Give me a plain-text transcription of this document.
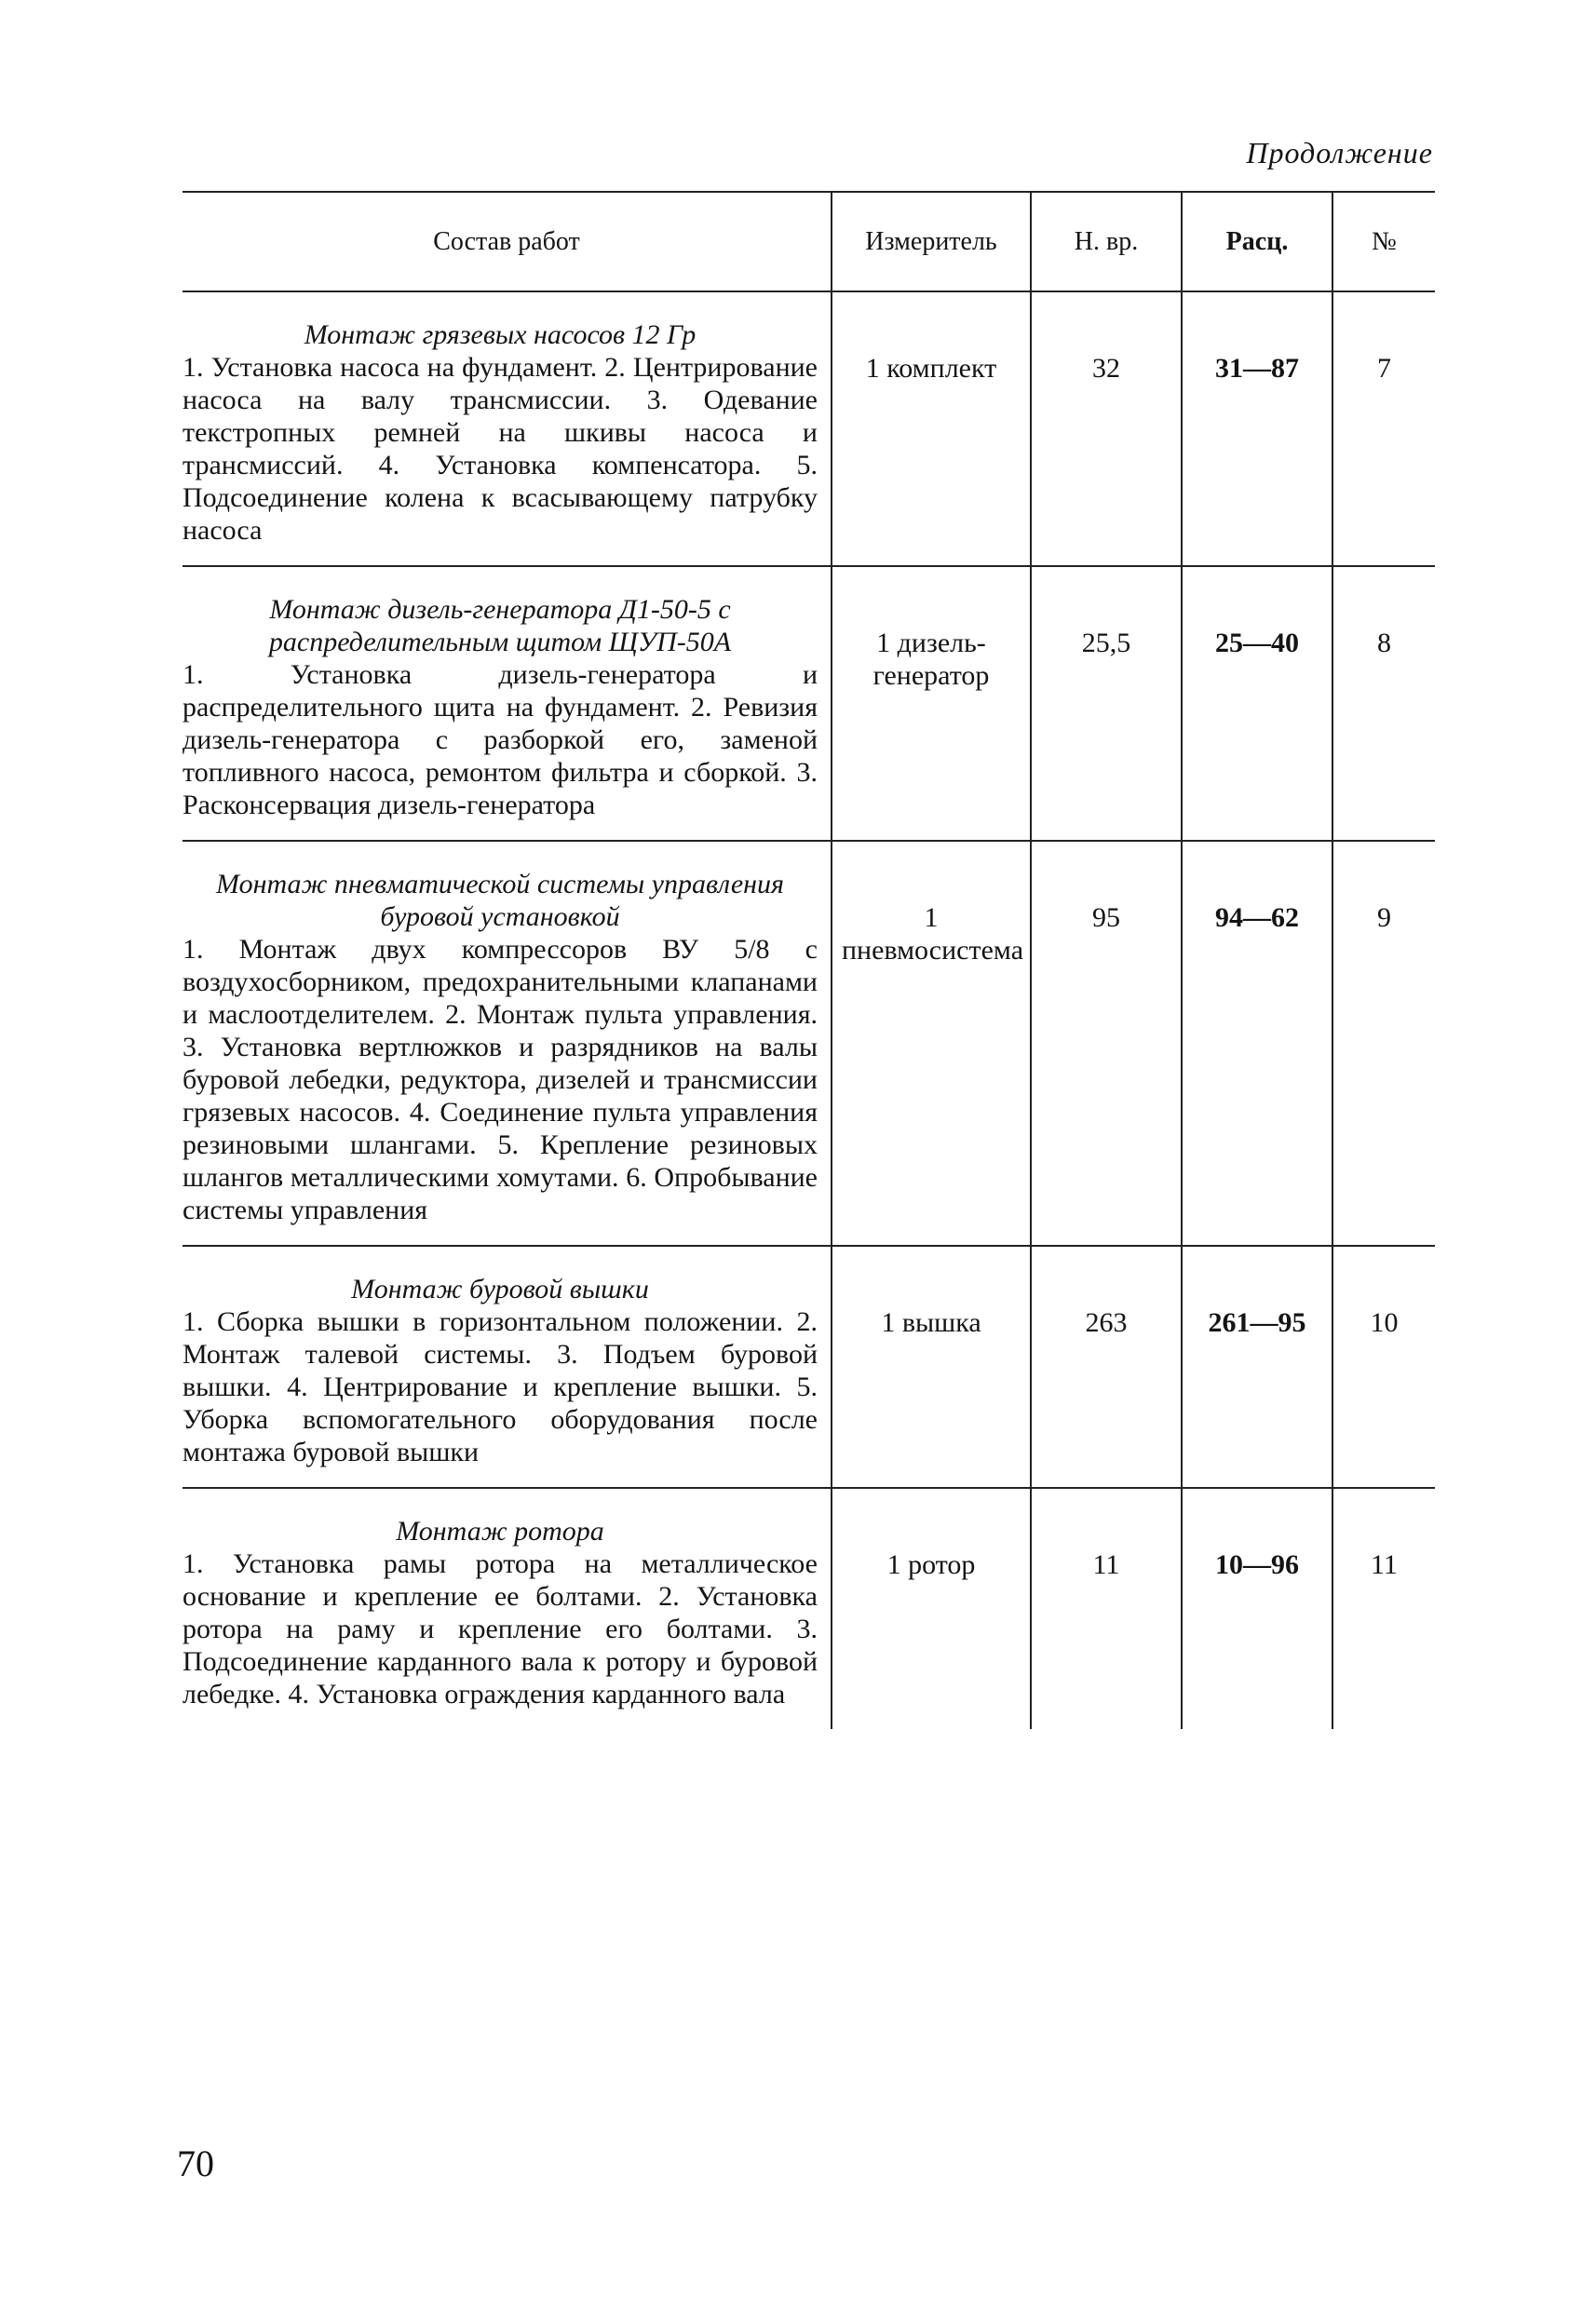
Продолжение
Состав работ	Измеритель	Н. вр.	Расц.	№

Монтаж грязевых насосов 12 Гр
1. Установка насоса на фундамент. 2. Центрирование насоса на валу трансмиссии. 3. Одевание текстропных ремней на шкивы насоса и трансмиссий. 4. Установка компенсатора. 5. Подсоединение колена к всасывающему патрубку насоса	1 комплект	32	31—87	7

Монтаж дизель-генератора Д1-50-5 с распределительным щитом ЩУП-50А
1. Установка дизель-генератора и распределительного щита на фундамент. 2. Ревизия дизель-генератора с разборкой его, заменой топливного насоса, ремонтом фильтра и сборкой. 3. Расконсервация дизель-генератора	1 дизель-генератор	25,5	25—40	8

Монтаж пневматической системы управления буровой установкой
1. Монтаж двух компрессоров ВУ 5/8 с воздухосборником, предохранительными клапанами и маслоотделителем. 2. Монтаж пульта управления. 3. Установка вертлюжков и разрядников на валы буровой лебедки, редуктора, дизелей и трансмиссии грязевых насосов. 4. Соединение пульта управления резиновыми шлангами. 5. Крепление резиновых шлангов металлическими хомутами. 6. Опробывание системы управления	1 пневмосистема	95	94—62	9

Монтаж буровой вышки
1. Сборка вышки в горизонтальном положении. 2. Монтаж талевой системы. 3. Подъем буровой вышки. 4. Центрирование и крепление вышки. 5. Уборка вспомогательного оборудования после монтажа буровой вышки	1 вышка	263	261—95	10

Монтаж ротора
1. Установка рамы ротора на металлическое основание и крепление ее болтами. 2. Установка ротора на раму и крепление его болтами. 3. Подсоединение карданного вала к ротору и буровой лебедке. 4. Установка ограждения карданного вала	1 ротор	11	10—96	11
70
